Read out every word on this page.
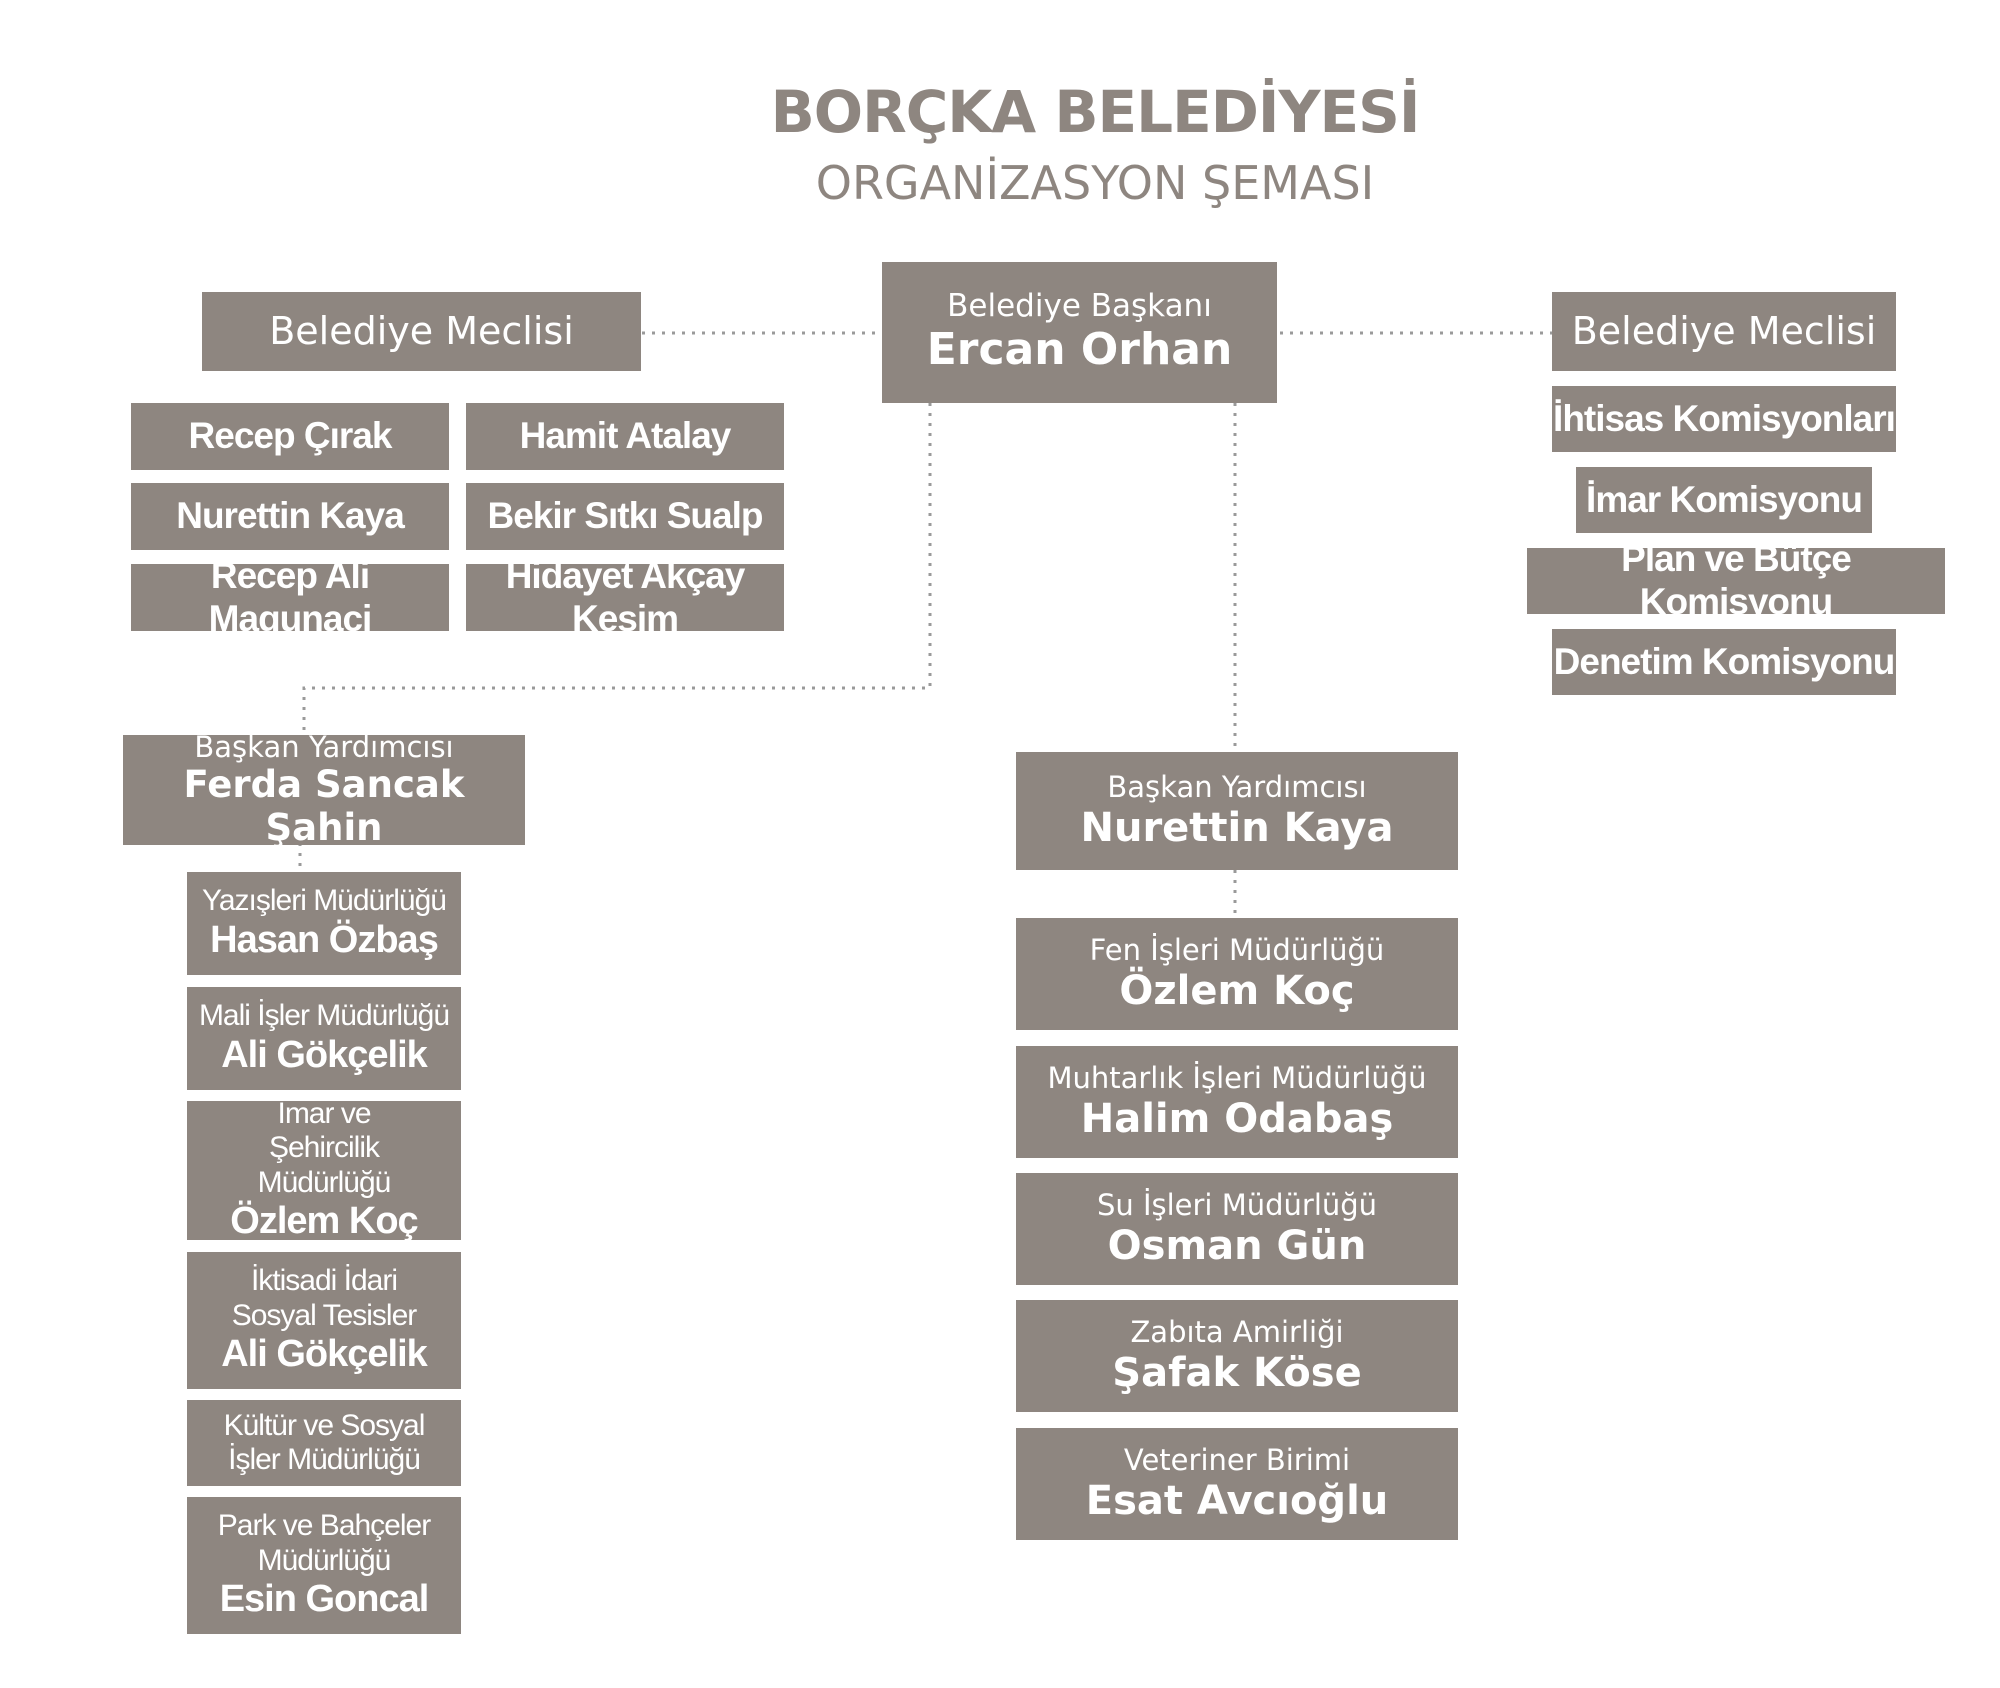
BORÇKA BELEDİYESİ
ORGANİZASYON ŞEMASI
Belediye Başkanı
Ercan Orhan
Belediye Meclisi
Recep Çırak	Hamit Atalay
Nurettin Kaya	Bekir Sıtkı Sualp
Recep Ali Magunaci
Hidayet Akçay Kesim
Belediye Meclisi
İhtisas Komisyonları
İmar Komisyonu
Plan ve Bütçe Komisyonu
Denetim Komisyonu
Başkan Yardımcısı
Ferda Sancak Şahin
Yazışleri Müdürlüğü
Hasan Özbaş
Mali İşler Müdürlüğü
Ali Gökçelik
İmar ve Şehircilik Müdürlüğü
Özlem Koç
İktisadi İdari Sosyal Tesisler
Ali Gökçelik
Kültür ve Sosyal İşler Müdürlüğü
Park ve Bahçeler Müdürlüğü
Esin Goncal
Başkan Yardımcısı
Nurettin Kaya
Fen İşleri Müdürlüğü
Özlem Koç
Muhtarlık İşleri Müdürlüğü
Halim Odabaş
Su İşleri Müdürlüğü
Osman Gün
Zabıta Amirliği
Şafak Köse
Veteriner Birimi
Esat Avcıoğlu
